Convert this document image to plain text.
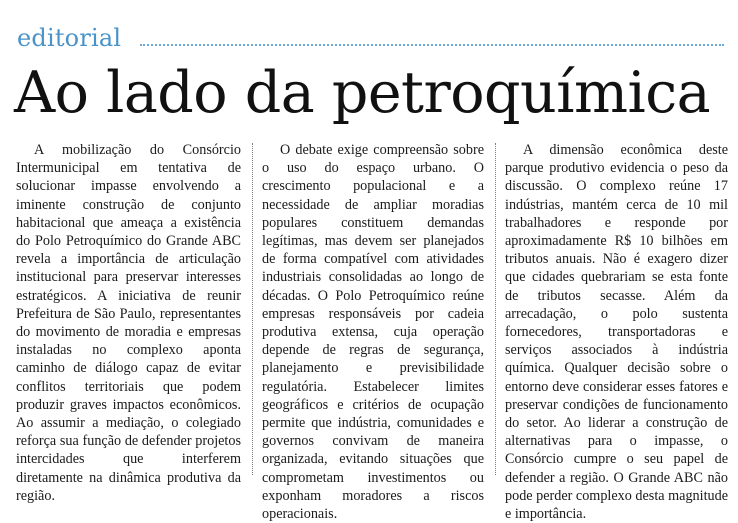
editorial
Ao lado da petroquímica

A mobilização do Consórcio Intermunicipal em tentativa de solucionar impasse envolvendo a iminente construção de conjunto habitacional que ameaça a existência do Polo Petroquímico do Grande ABC revela a importância de articulação institucional para preservar interesses estratégicos. A iniciativa de reunir Prefeitura de São Paulo, representantes do movimento de moradia e empresas instaladas no complexo aponta caminho de diálogo capaz de evitar conflitos territoriais que podem produzir graves impactos econômicos. Ao assumir a mediação, o colegiado reforça sua função de defender projetos intercidades que interferem diretamente na dinâmica produtiva da região.

O debate exige compreensão sobre o uso do espaço urbano. O crescimento populacional e a necessidade de ampliar moradias populares constituem demandas legítimas, mas devem ser planejados de forma compatível com atividades industriais consolidadas ao longo de décadas. O Polo Petroquímico reúne empresas responsáveis por cadeia produtiva extensa, cuja operação depende de regras de segurança, planejamento e previsibilidade regulatória. Estabelecer limites geográficos e critérios de ocupação permite que indústria, comunidades e governos convivam de maneira organizada, evitando situações que comprometam investimentos ou exponham moradores a riscos operacionais.

A dimensão econômica deste parque produtivo evidencia o peso da discussão. O complexo reúne 17 indústrias, mantém cerca de 10 mil trabalhadores e responde por aproximadamente R$ 10 bilhões em tributos anuais. Não é exagero dizer que cidades quebrariam se esta fonte de tributos secasse. Além da arrecadação, o polo sustenta fornecedores, transportadoras e serviços associados à indústria química. Qualquer decisão sobre o entorno deve considerar esses fatores e preservar condições de funcionamento do setor. Ao liderar a construção de alternativas para o impasse, o Consórcio cumpre o seu papel de defender a região. O Grande ABC não pode perder complexo desta magnitude e importância.
